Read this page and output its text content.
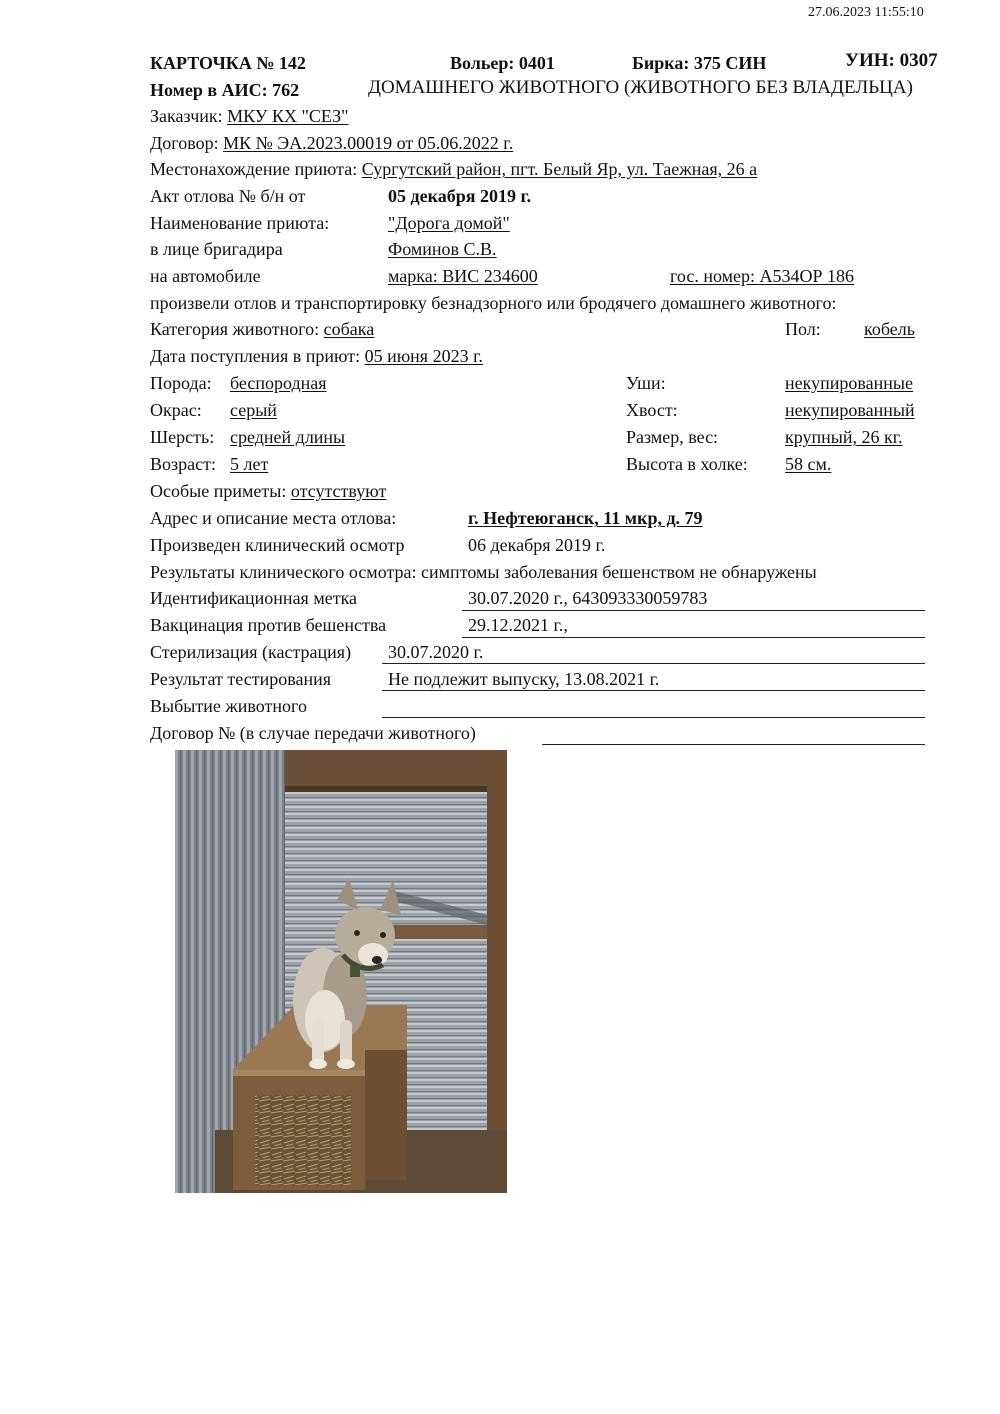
27.06.2023 11:55:10
КАРТОЧКА № 142	Вольер: 0401	Бирка: 375 СИН	УИН: 0307
Номер в АИС: 762	ДОМАШНЕГО ЖИВОТНОГО (ЖИВОТНОГО БЕЗ ВЛАДЕЛЬЦА)
Заказчик: МКУ КХ "СЕЗ"
Договор: МК № ЭА.2023.00019 от 05.06.2022 г.
Местонахождение приюта: Сургутский район, пгт. Белый Яр, ул. Таежная, 26 а
Акт отлова № б/н от	05 декабря 2019 г.
Наименование приюта:	"Дорога домой"
в лице бригадира	Фоминов С.В.
на автомобиле	марка: ВИС 234600	гос. номер: А534ОР 186
произвели отлов и транспортировку безнадзорного или бродячего домашнего животного:
Категория животного: собака	Пол: кобель
Дата поступления в приют: 05 июня 2023 г.
Порода: беспородная	Уши:	некупированные
Окрас: серый	Хвост:	некупированный
Шерсть: средней длины	Размер, вес:	крупный, 26 кг.
Возраст: 5 лет	Высота в холке: 58 см.
Особые приметы: отсутствуют
Адрес и описание места отлова:	г. Нефтеюганск, 11 мкр, д. 79
Произведен клинический осмотр	06 декабря 2019 г.
Результаты клинического осмотра: симптомы заболевания бешенством не обнаружены
Идентификационная метка	30.07.2020 г., 643093330059783
Вакцинация против бешенства	29.12.2021 г.,
Стерилизация (кастрация) 30.07.2020 г.
Результат тестирования	Не подлежит выпуску, 13.08.2021 г.
Выбытие животного
Договор № (в случае передачи животного)
